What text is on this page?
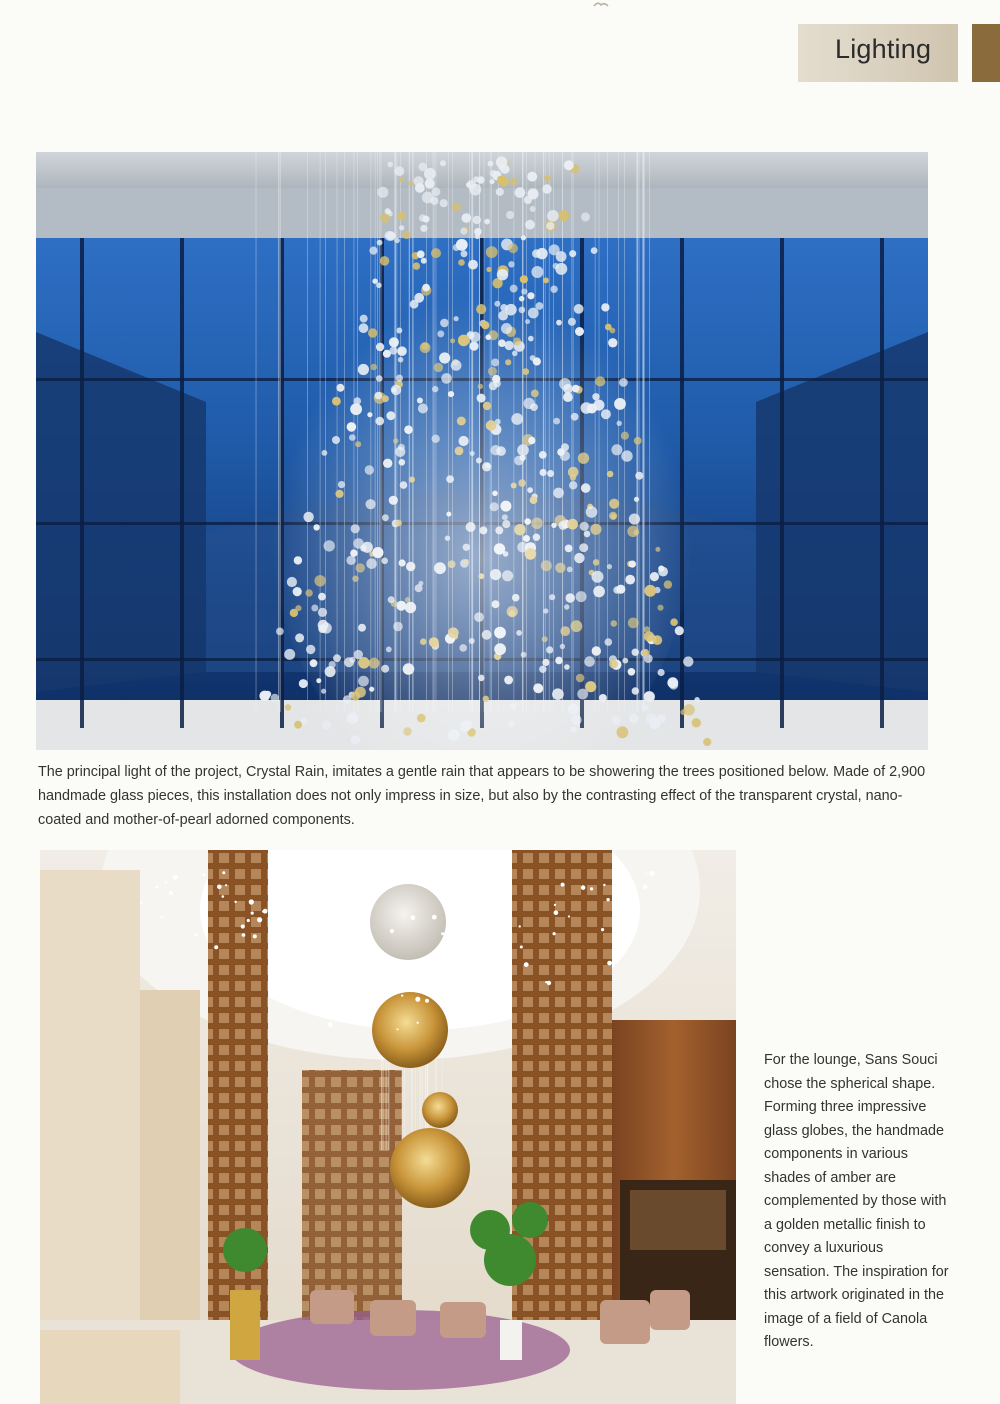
Lighting

The principal light of the project, Crystal Rain, imitates a gentle rain that appears to be showering the trees positioned below. Made of 2,900 handmade glass pieces, this installation does not only impress in size, but also by the contrasting effect of the transparent crystal, nano-coated and mother-of-pearl adorned components.

For the lounge, Sans Souci chose the spherical shape. Forming three impressive glass globes, the handmade components in various shades of amber are complemented by those with a golden metallic finish to convey a luxurious sensation. The inspiration for this artwork originated in the image of a field of Canola flowers.
